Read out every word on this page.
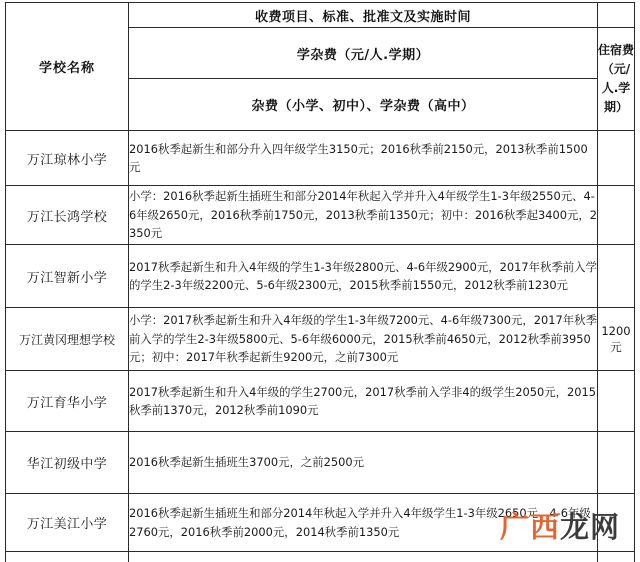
学校名称	收费项目、标准、批准文及实施时间	
	学杂费（元/人.学期）	住宿费（元/人.学期）
	杂费（小学、初中）、学杂费（高中）	
万江琼林小学	2016秋季起新生和部分升入四年级学生3150元；2016秋季前2150元，2013秋季前1500元	
万江长鸿学校	小学：2016秋季起新生插班生和部分2014年秋起入学并升入4年级学生1-3年级2550元、4-6年级2650元，2016秋季前1750元，2013秋季前1350元；初中：2016秋季起3400元，2350元	
万江智新小学	2017秋季起新生和升入4年级的学生1-3年级2800元、4-6年级2900元，2017年秋季前入学的学生2-3年级2200元、5-6年级2300元，2015秋季前1550元，2012秋季前1230元	
万江黄冈理想学校	小学：2017秋季起新生和升入4年级的学生1-3年级7200元、4-6年级7300元，2017年秋季前入学的学生2-3年级5800元、5-6年级6000元，2015秋季前4650元，2012秋季前3950元；初中：2017年秋季起新生9200元，之前7300元	1200元
万江育华小学	2017秋季起新生和升入4年级的学生2700元，2017秋季前入学非4的级学生2050元，2015秋季前1370元，2012秋季前1090元	
华江初级中学	2016秋季起新生插班生3700元，之前2500元	
万江美江小学	2016秋季起新生插班生和部分2014年秋起入学并升入4年级学生1-3年级2650元、4-6年级2760元，2016秋季前2000元，2014秋季前1350元	
			广西龙网
